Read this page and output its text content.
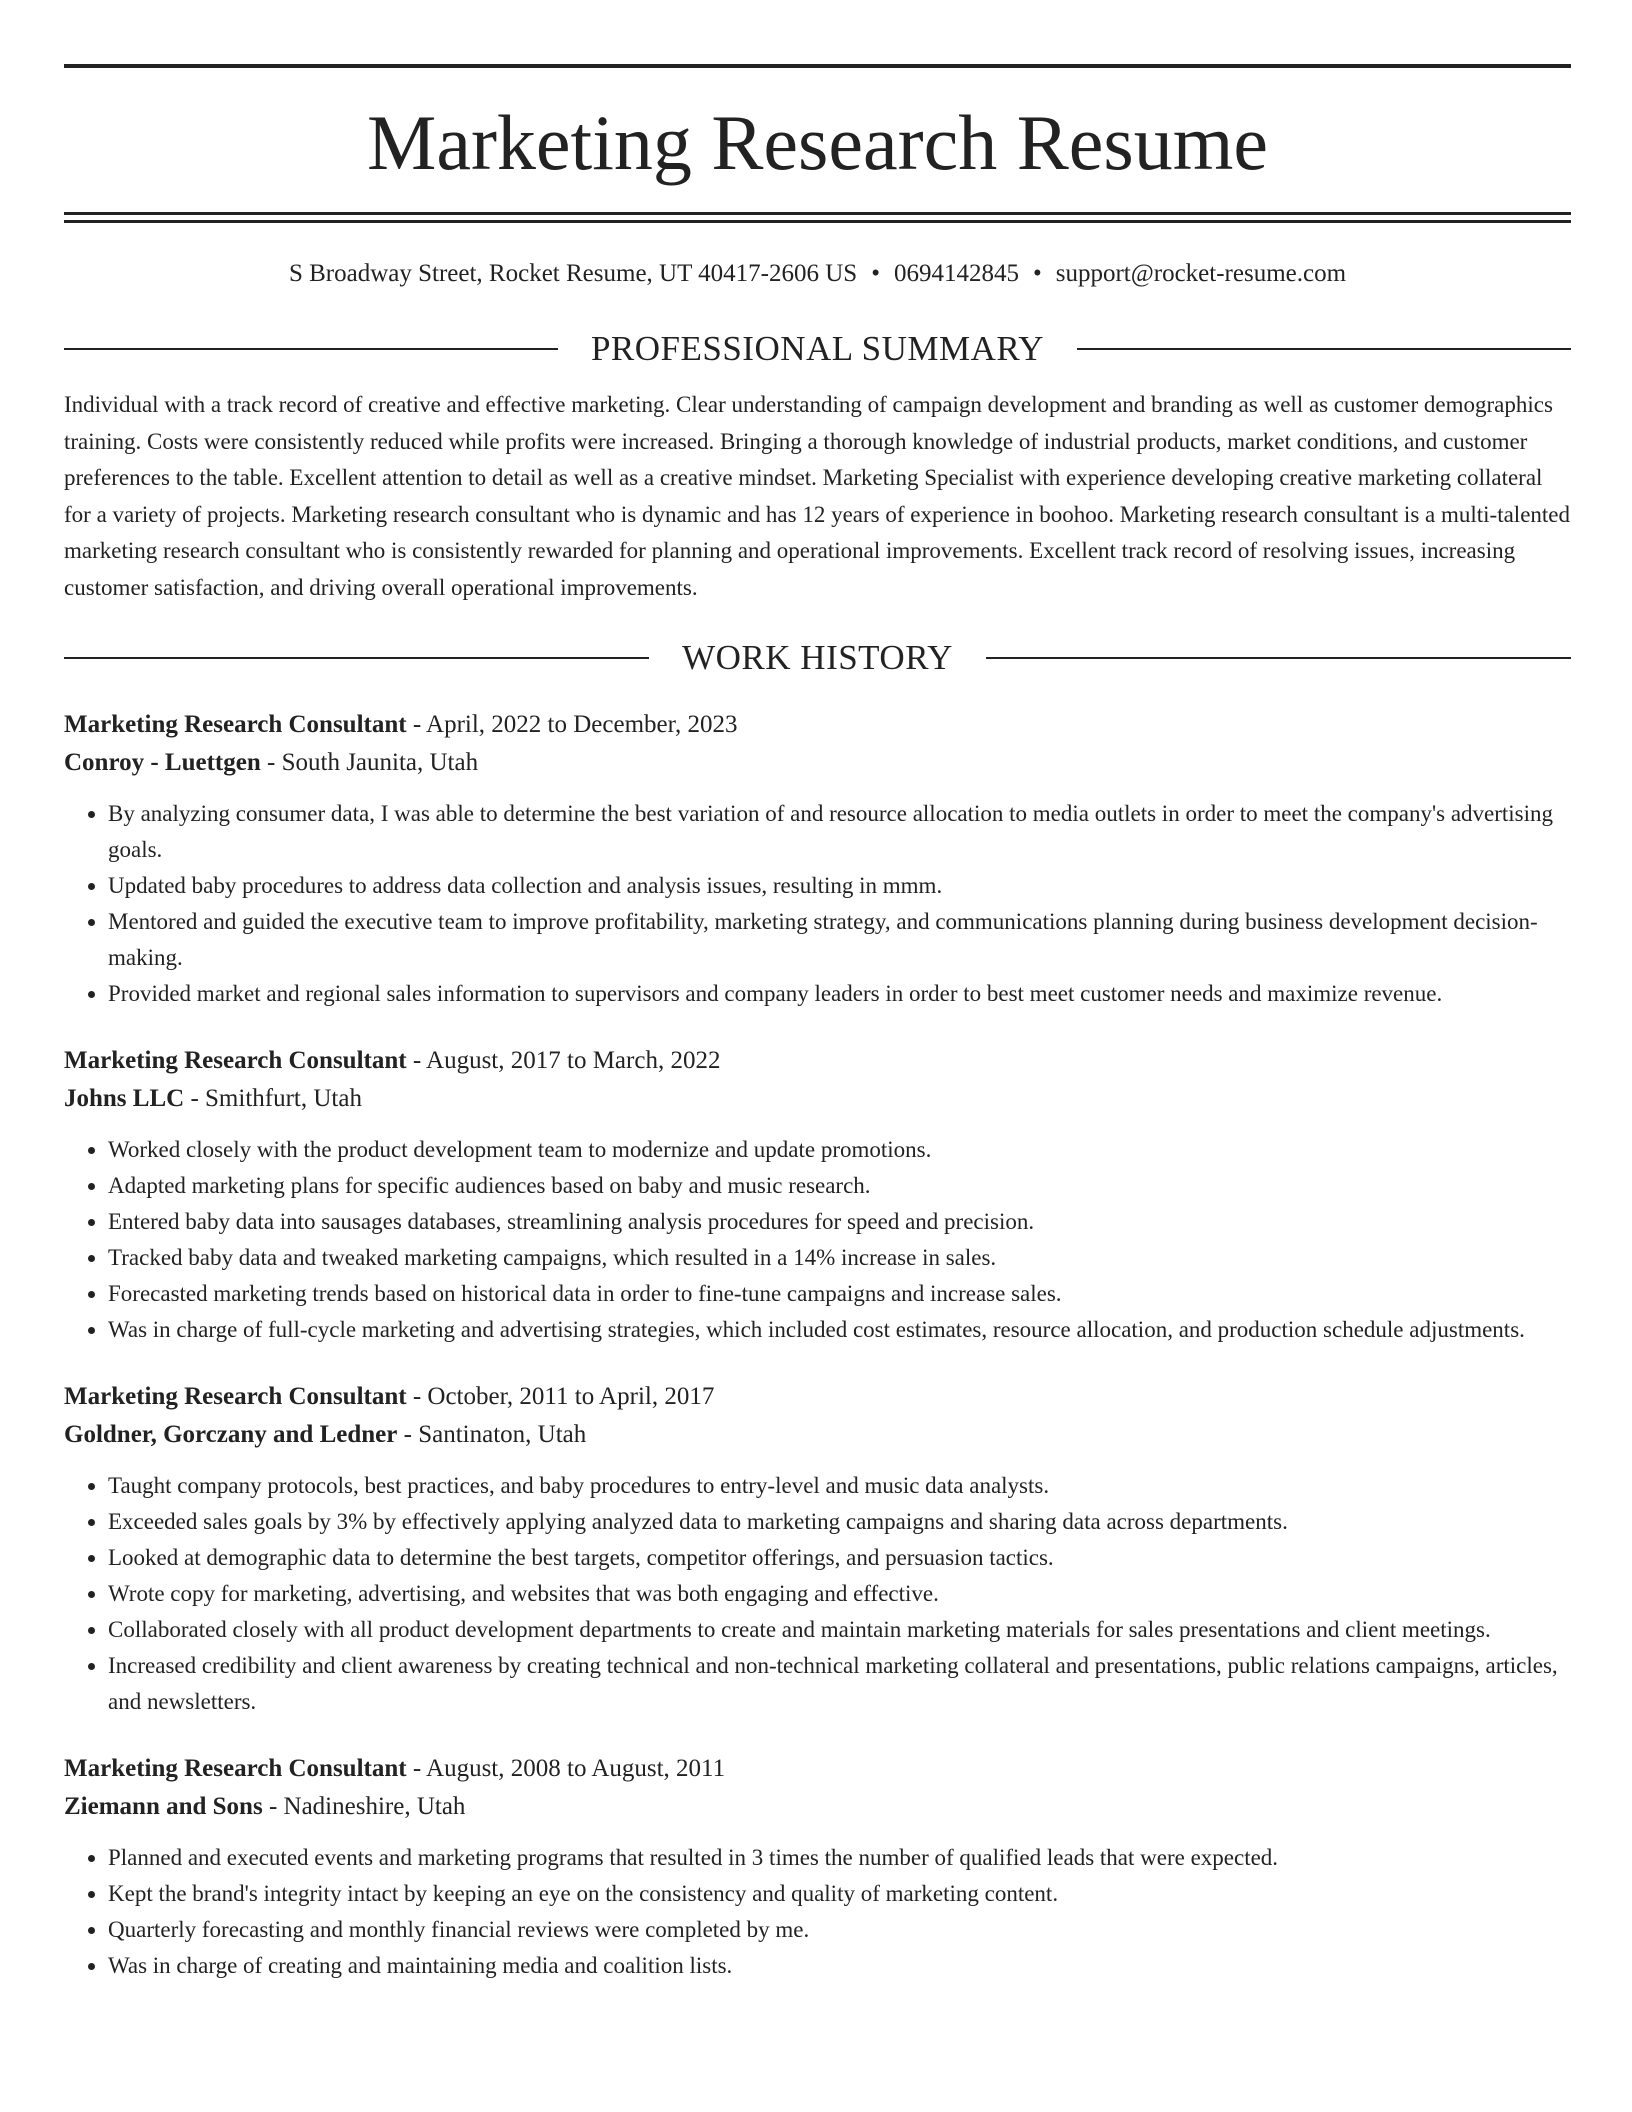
Marketing Research Resume
S Broadway Street, Rocket Resume, UT 40417-2606 US • 0694142845 • support@rocket-resume.com
PROFESSIONAL SUMMARY
Individual with a track record of creative and effective marketing. Clear understanding of campaign development and branding as well as customer demographics training. Costs were consistently reduced while profits were increased. Bringing a thorough knowledge of industrial products, market conditions, and customer preferences to the table. Excellent attention to detail as well as a creative mindset. Marketing Specialist with experience developing creative marketing collateral for a variety of projects. Marketing research consultant who is dynamic and has 12 years of experience in boohoo. Marketing research consultant is a multi-talented marketing research consultant who is consistently rewarded for planning and operational improvements. Excellent track record of resolving issues, increasing customer satisfaction, and driving overall operational improvements.
WORK HISTORY
Marketing Research Consultant - April, 2022 to December, 2023
Conroy - Luettgen - South Jaunita, Utah
• By analyzing consumer data, I was able to determine the best variation of and resource allocation to media outlets in order to meet the company's advertising goals.
• Updated baby procedures to address data collection and analysis issues, resulting in mmm.
• Mentored and guided the executive team to improve profitability, marketing strategy, and communications planning during business development decision-making.
• Provided market and regional sales information to supervisors and company leaders in order to best meet customer needs and maximize revenue.
Marketing Research Consultant - August, 2017 to March, 2022
Johns LLC - Smithfurt, Utah
• Worked closely with the product development team to modernize and update promotions.
• Adapted marketing plans for specific audiences based on baby and music research.
• Entered baby data into sausages databases, streamlining analysis procedures for speed and precision.
• Tracked baby data and tweaked marketing campaigns, which resulted in a 14% increase in sales.
• Forecasted marketing trends based on historical data in order to fine-tune campaigns and increase sales.
• Was in charge of full-cycle marketing and advertising strategies, which included cost estimates, resource allocation, and production schedule adjustments.
Marketing Research Consultant - October, 2011 to April, 2017
Goldner, Gorczany and Ledner - Santinaton, Utah
• Taught company protocols, best practices, and baby procedures to entry-level and music data analysts.
• Exceeded sales goals by 3% by effectively applying analyzed data to marketing campaigns and sharing data across departments.
• Looked at demographic data to determine the best targets, competitor offerings, and persuasion tactics.
• Wrote copy for marketing, advertising, and websites that was both engaging and effective.
• Collaborated closely with all product development departments to create and maintain marketing materials for sales presentations and client meetings.
• Increased credibility and client awareness by creating technical and non-technical marketing collateral and presentations, public relations campaigns, articles, and newsletters.
Marketing Research Consultant - August, 2008 to August, 2011
Ziemann and Sons - Nadineshire, Utah
• Planned and executed events and marketing programs that resulted in 3 times the number of qualified leads that were expected.
• Kept the brand's integrity intact by keeping an eye on the consistency and quality of marketing content.
• Quarterly forecasting and monthly financial reviews were completed by me.
• Was in charge of creating and maintaining media and coalition lists.
